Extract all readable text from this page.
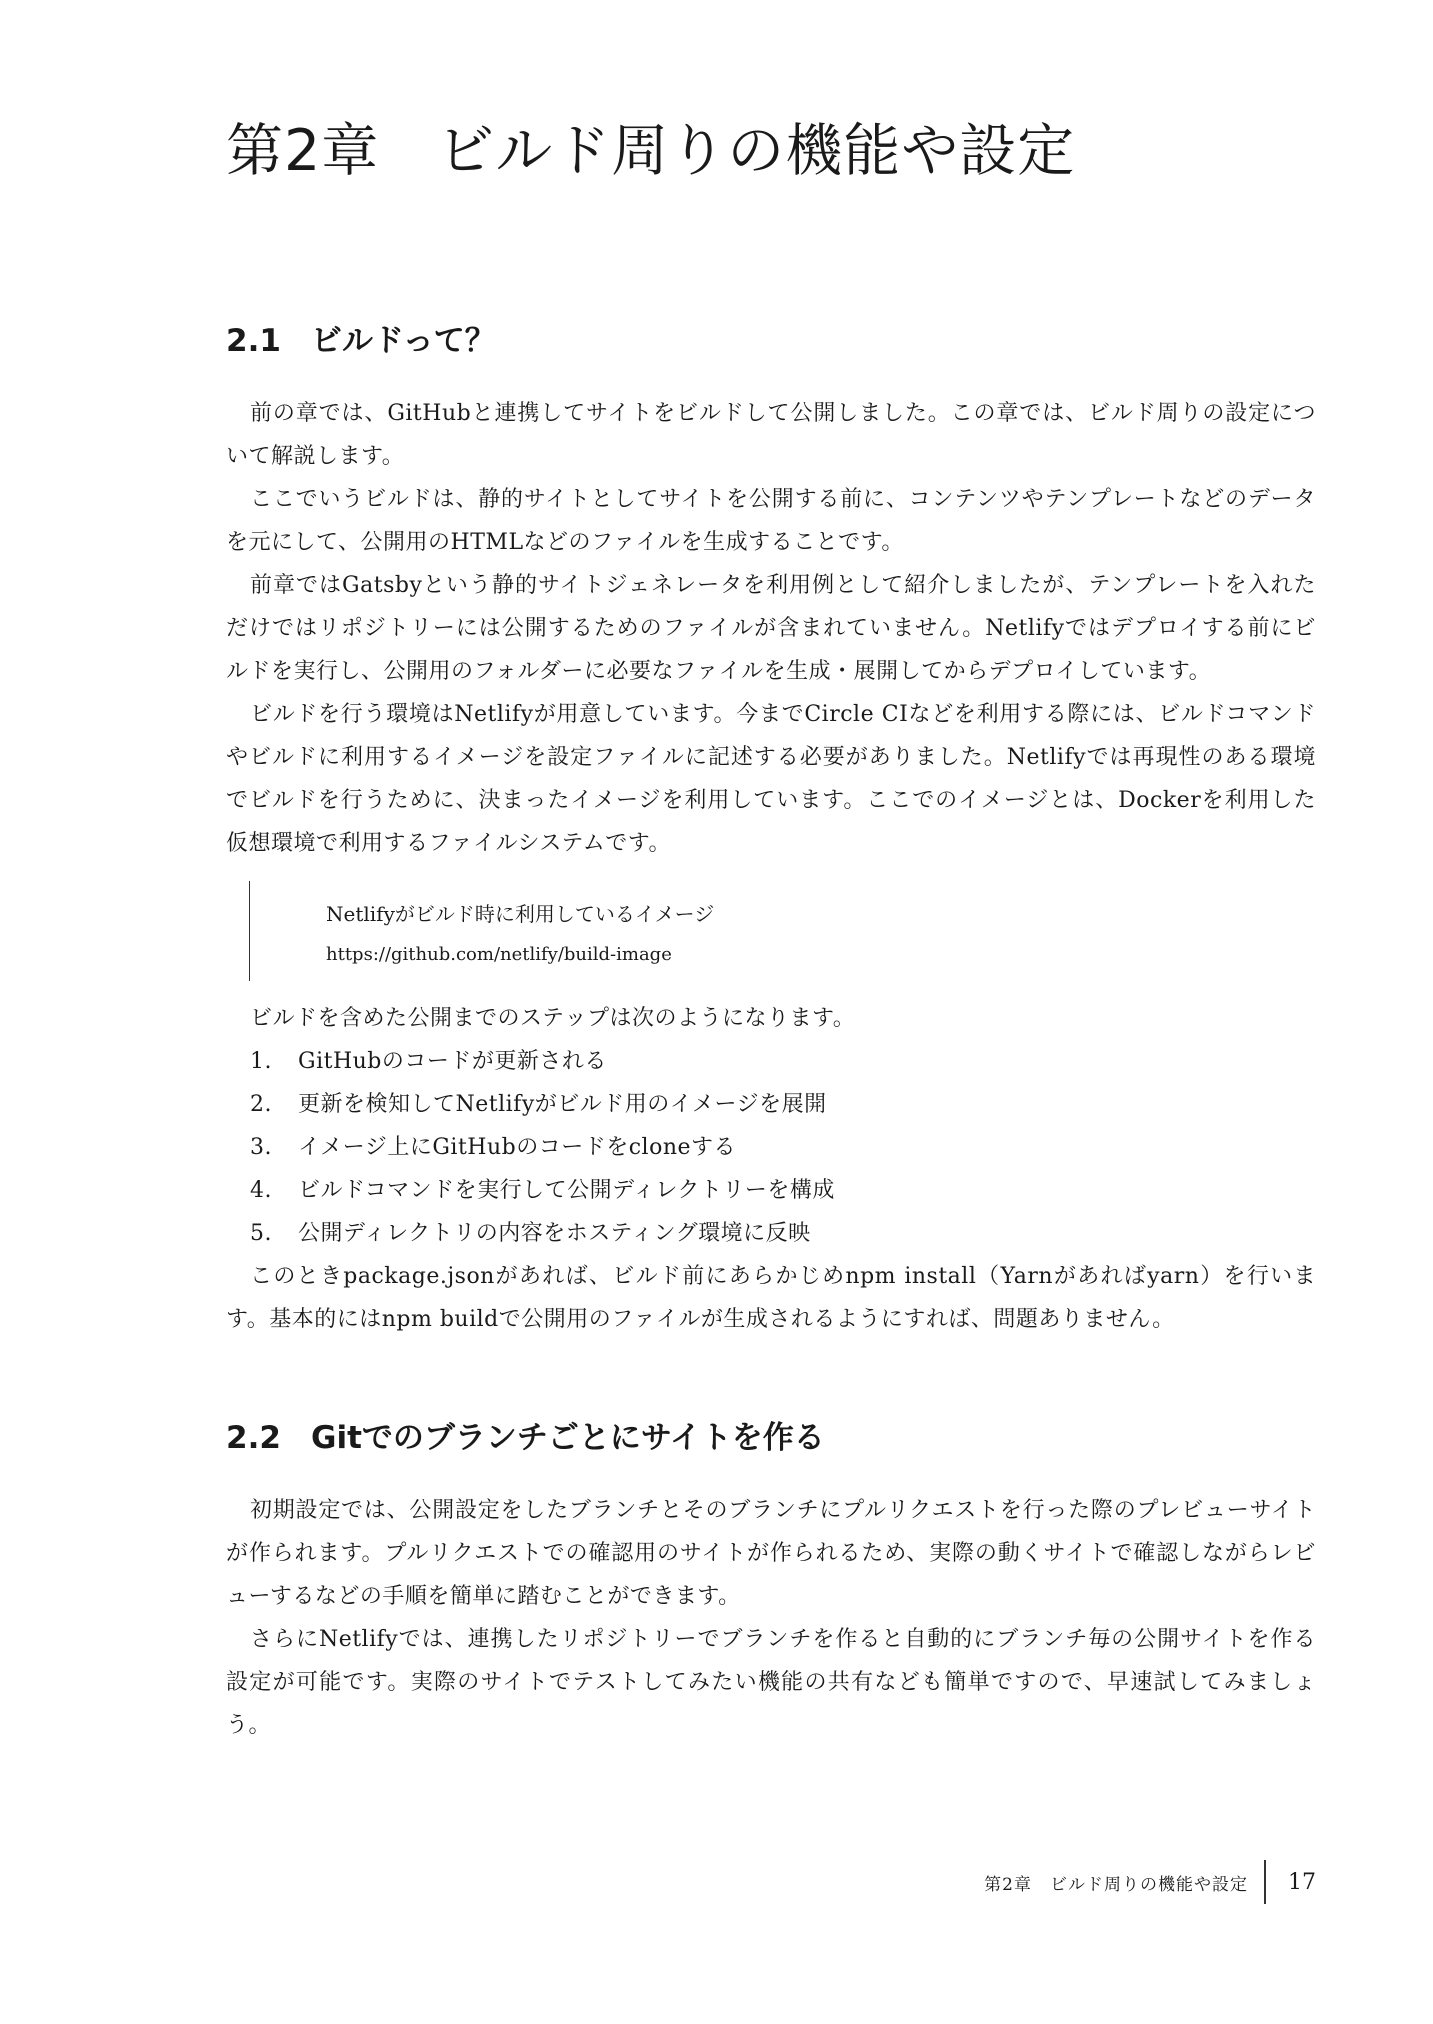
第2章　ビルド周りの機能や設定
2.1 ビルドって？

前の章では、GitHubと連携してサイトをビルドして公開しました。この章では、ビルド周りの設定について解説します。

ここでいうビルドは、静的サイトとしてサイトを公開する前に、コンテンツやテンプレートなどのデータを元にして、公開用のHTMLなどのファイルを生成することです。

前章ではGatsbyという静的サイトジェネレータを利用例として紹介しましたが、テンプレートを入れただけではリポジトリーには公開するためのファイルが含まれていません。Netlifyではデプロイする前にビルドを実行し、公開用のフォルダーに必要なファイルを生成・展開してからデプロイしています。

ビルドを行う環境はNetlifyが用意しています。今までCircle CIなどを利用する際には、ビルドコマンドやビルドに利用するイメージを設定ファイルに記述する必要がありました。Netlifyでは再現性のある環境でビルドを行うために、決まったイメージを利用しています。ここでのイメージとは、Dockerを利用した仮想環境で利用するファイルシステムです。

Netlifyがビルド時に利用しているイメージ
https://github.com/netlify/build-image

ビルドを含めた公開までのステップは次のようになります。

1. GitHubのコードが更新される
2. 更新を検知してNetlifyがビルド用のイメージを展開
3. イメージ上にGitHubのコードをcloneする
4. ビルドコマンドを実行して公開ディレクトリーを構成
5. 公開ディレクトリの内容をホスティング環境に反映

このときpackage.jsonがあれば、ビルド前にあらかじめnpm install（Yarnがあればyarn）を行います。基本的にはnpm buildで公開用のファイルが生成されるようにすれば、問題ありません。

2.2 Gitでのブランチごとにサイトを作る

初期設定では、公開設定をしたブランチとそのブランチにプルリクエストを行った際のプレビューサイトが作られます。プルリクエストでの確認用のサイトが作られるため、実際の動くサイトで確認しながらレビューするなどの手順を簡単に踏むことができます。

さらにNetlifyでは、連携したリポジトリーでブランチを作ると自動的にブランチ毎の公開サイトを作る設定が可能です。実際のサイトでテストしてみたい機能の共有なども簡単ですので、早速試してみましょう。

第2章　ビルド周りの機能や設定	17
